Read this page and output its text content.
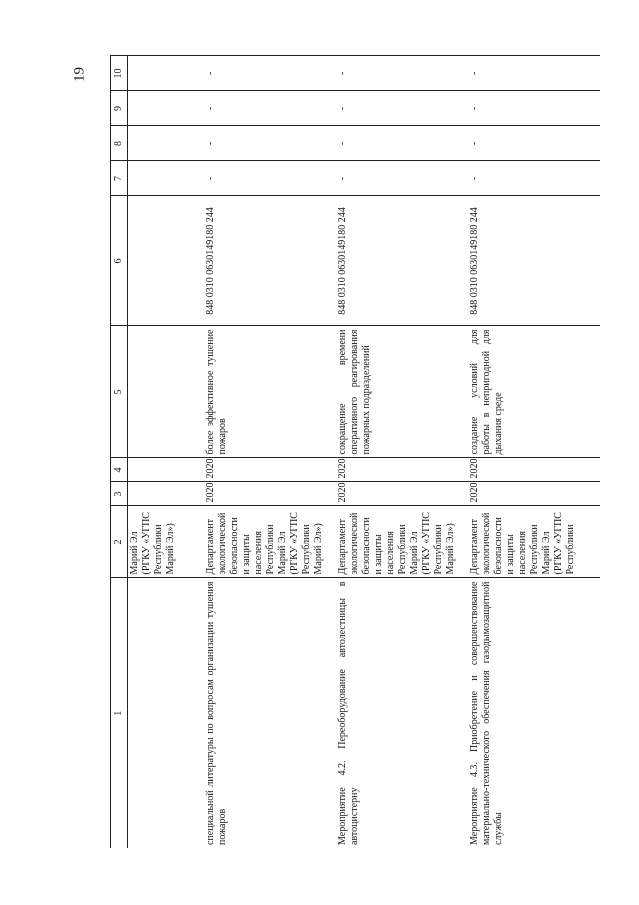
19
1	2	3	4	5	6	7	8	9	10
	Марий Эл (РГКУ «УГПС Республики Марий Эл»)								
специальной литературы по вопросам организации тушения пожаров	Департамент экологической безопасности и защиты населения Республики Марий Эл (РГКУ «УГПС Республики Марий Эл»)	2020	2020	более эффективное тушение пожаров	848 0310 0630149180 244	-	-	-	-
Мероприятие 4.2. Переоборудование автолестницы в автоцистерну	Департамент экологической безопасности и защиты населения Республики Марий Эл (РГКУ «УГПС Республики Марий Эл»)	2020	2020	сокращение времени оперативного реагирования пожарных подразделений	848 0310 0630149180 244	-	-	-	-
Мероприятие 4.3. Приобретение и совершенствование материально-технического обеспечения газодымозащитной службы	Департамент экологической безопасности и защиты населения Республики Марий Эл (РГКУ «УГПС Республики	2020	2020	создание условий для работы в непригодной для дыхания среде	848 0310 0630149180 244	-	-	-	-
